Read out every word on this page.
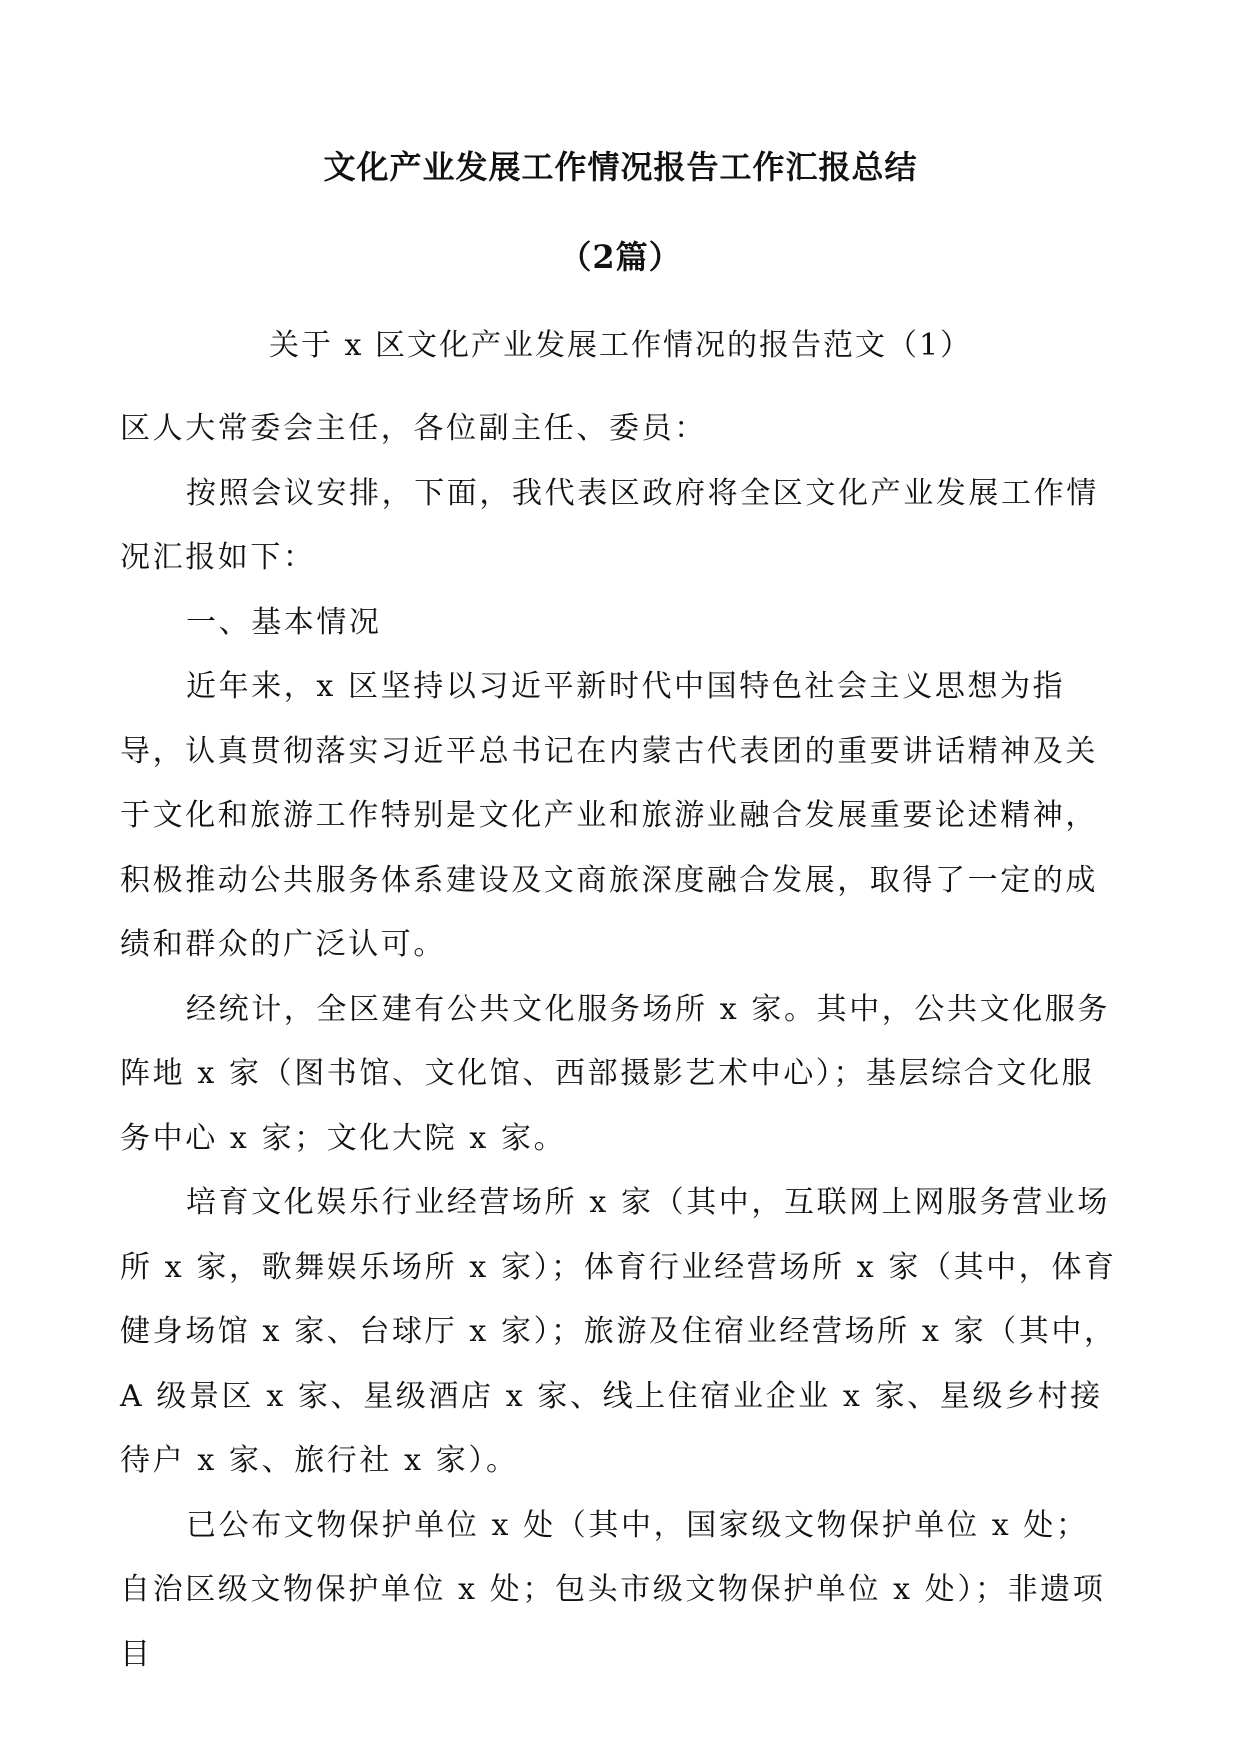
文化产业发展工作情况报告工作汇报总结
（2篇）
关于 x 区文化产业发展工作情况的报告范文（1）

区人大常委会主任，各位副主任、委员：

按照会议安排，下面，我代表区政府将全区文化产业发展工作情况汇报如下：

一、基本情况

近年来，x 区坚持以习近平新时代中国特色社会主义思想为指导，认真贯彻落实习近平总书记在内蒙古代表团的重要讲话精神及关于文化和旅游工作特别是文化产业和旅游业融合发展重要论述精神，积极推动公共服务体系建设及文商旅深度融合发展，取得了一定的成绩和群众的广泛认可。

经统计，全区建有公共文化服务场所 x 家。其中，公共文化服务阵地 x 家（图书馆、文化馆、西部摄影艺术中心）；基层综合文化服务中心 x 家；文化大院 x 家。

培育文化娱乐行业经营场所 x 家（其中，互联网上网服务营业场所 x 家，歌舞娱乐场所 x 家）；体育行业经营场所 x 家（其中，体育健身场馆 x 家、台球厅 x 家）；旅游及住宿业经营场所 x 家（其中，A 级景区 x 家、星级酒店 x 家、线上住宿业企业 x 家、星级乡村接待户 x 家、旅行社 x 家）。

已公布文物保护单位 x 处（其中，国家级文物保护单位 x 处；自治区级文物保护单位 x 处；包头市级文物保护单位 x 处）；非遗项目
